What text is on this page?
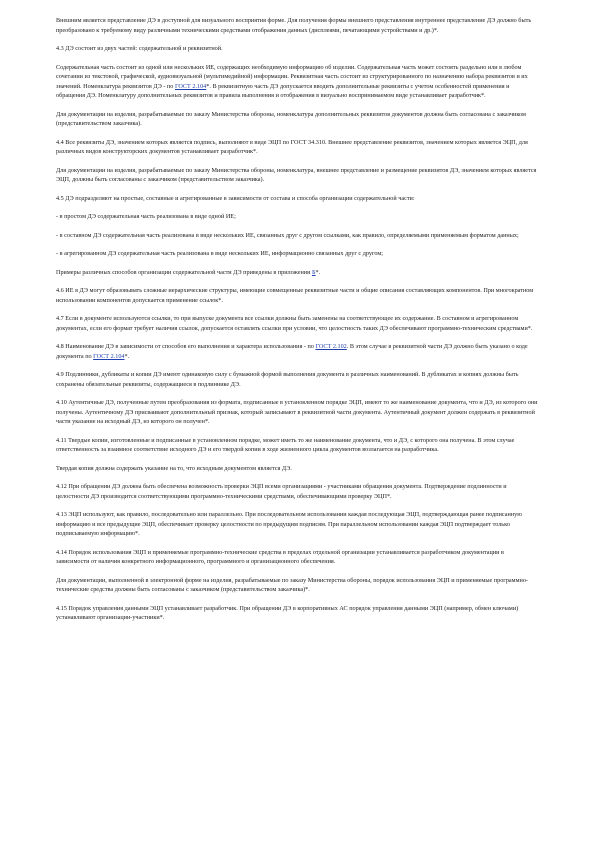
Внешним является представление ДЭ в доступной для визуального восприятия форме. Для получения формы внешнего представления внутреннее представление ДЭ должно быть преобразовано к требуемому виду различными техническими средствами отображения данных (дисплеями, печатающими устройствами и др.)*.

4.3 ДЭ состоит из двух частей: содержательной и реквизитной.

Содержательная часть состоит из одной или нескольких ИЕ, содержащих необходимую информацию об изделии. Содержательная часть может состоять раздельно или в любом сочетании из текстовой, графической, аудиовизуальной (мультимедийной) информации. Реквизитная часть состоит из структурированного по назначению набора реквизитов и их значений. Номенклатура реквизитов ДЭ - по ГОСТ 2.104*. В реквизитную часть ДЭ допускается вводить дополнительные реквизиты с учетом особенностей применения и обращения ДЭ. Номенклатуру дополнительных реквизитов и правила выполнения и отображения в визуально воспринимаемом виде устанавливает разработчик*.

Для документации на изделия, разрабатываемые по заказу Министерства обороны, номенклатура дополнительных реквизитов документов должна быть согласована с заказчиком (представительством заказчика).

4.4 Все реквизиты ДЭ, значением которых является подпись, выполняют в виде ЭЦП по ГОСТ 34.310. Внешнее представление реквизитов, значением которых является ЭЦП, для различных видов конструкторских документов устанавливает разработчик*.

Для документации на изделия, разрабатываемые по заказу Министерства обороны, номенклатура, внешнее представление и размещение реквизитов ДЭ, значением которых является ЭЦП, должны быть согласованы с заказчиком (представительством заказчика).

4.5 ДЭ подразделяют на простые, составные и агрегированные в зависимости от состава и способа организации содержательной части:

- в простом ДЭ содержательная часть реализована в виде одной ИЕ;

- в составном ДЭ содержательная часть реализована в виде нескольких ИЕ, связанных друг с другом ссылками, как правило, определяемыми применяемым форматом данных;

- в агрегированном ДЭ содержательная часть реализована в виде нескольких ИЕ, информационно связанных друг с другом;

Примеры различных способов организации содержательной части ДЭ приведены в приложении Б*.

4.6 ИЕ в ДЭ могут образовывать сложные иерархические структуры, имеющие совмещенные реквизитные части и общие описания составляющих компонентов. При многократном использовании компонентов допускается применение ссылок*.

4.7 Если в документе используются ссылки, то при выпуске документа все ссылки должны быть заменены на соответствующее их содержание. В составном и агрегированном документах, если его формат требует наличия ссылок, допускается оставлять ссылки при условии, что целостность таких ДЭ обеспечивают программно-техническим средствами*.

4.8 Наименование ДЭ в зависимости от способов его выполнения и характера использования - по ГОСТ 2.102. В этом случае в реквизитной части ДЭ должно быть указано о коде документа по ГОСТ 2.104*.

4.9 Подлинники, дубликаты и копии ДЭ имеют одинаковую силу с бумажной формой выполнения документа в различных наименований. В дубликатах и копиях должны быть сохранены обязательные реквизиты, содержащиеся в подлиннике ДЭ.

4.10 Аутентичные ДЭ, полученные путем преобразования из формата, подписанные в установленном порядке ЭЦП, имеют то же наименование документа, что и ДЭ, из которого они получены. Аутентичному ДЭ присваивают дополнительный признак, который записывают в реквизитной части документа. Аутентичный документ должен содержать в реквизитной части указание на исходный ДЭ, из которого он получен*.

4.11 Твердые копии, изготовленные и подписанные в установленном порядке, может иметь то же наименование документа, что и ДЭ, с которого она получена. В этом случае ответственность за взаимное соответствие исходного ДЭ и его твердой копии в ходе жизненного цикла документов возлагается на разработчика.

Твердая копия должна содержать указание на то, что исходным документом является ДЭ.

4.12 При обращении ДЭ должна быть обеспечена возможность проверки ЭЦП всеми организациями - участниками обращения документа. Подтверждение подлинности и целостности ДЭ производится соответствующими программно-техническими средствами, обеспечивающими проверку ЭЦП*.

4.13 ЭЦП используют, как правило, последовательно или параллельно. При последовательном использовании каждая последующая ЭЦП, подтверждающая ранее подписанную информацию и все предыдущие ЭЦП, обеспечивает проверку целостности по предыдущим подписям. При параллельном использовании каждая ЭЦП подтверждает только подписываемую информацию*.

4.14 Порядок использования ЭЦП и применяемые программно-технические средства в пределах отдельной организации устанавливается разработчиком документации в зависимости от наличия конкретного информационного, программного и организационного обеспечения.

Для документации, выполненной в электронной форме на изделия, разрабатываемые по заказу Министерства обороны, порядок использования ЭЦП и применяемые программно-технические средства должны быть согласованы с заказчиком (представительством заказчика)*.

4.15 Порядок управления данными ЭЦП устанавливает разработчик. При обращении ДЭ в корпоративных АС порядок управления данными ЭЦП (например, обмен ключами) устанавливают организации-участники*.
